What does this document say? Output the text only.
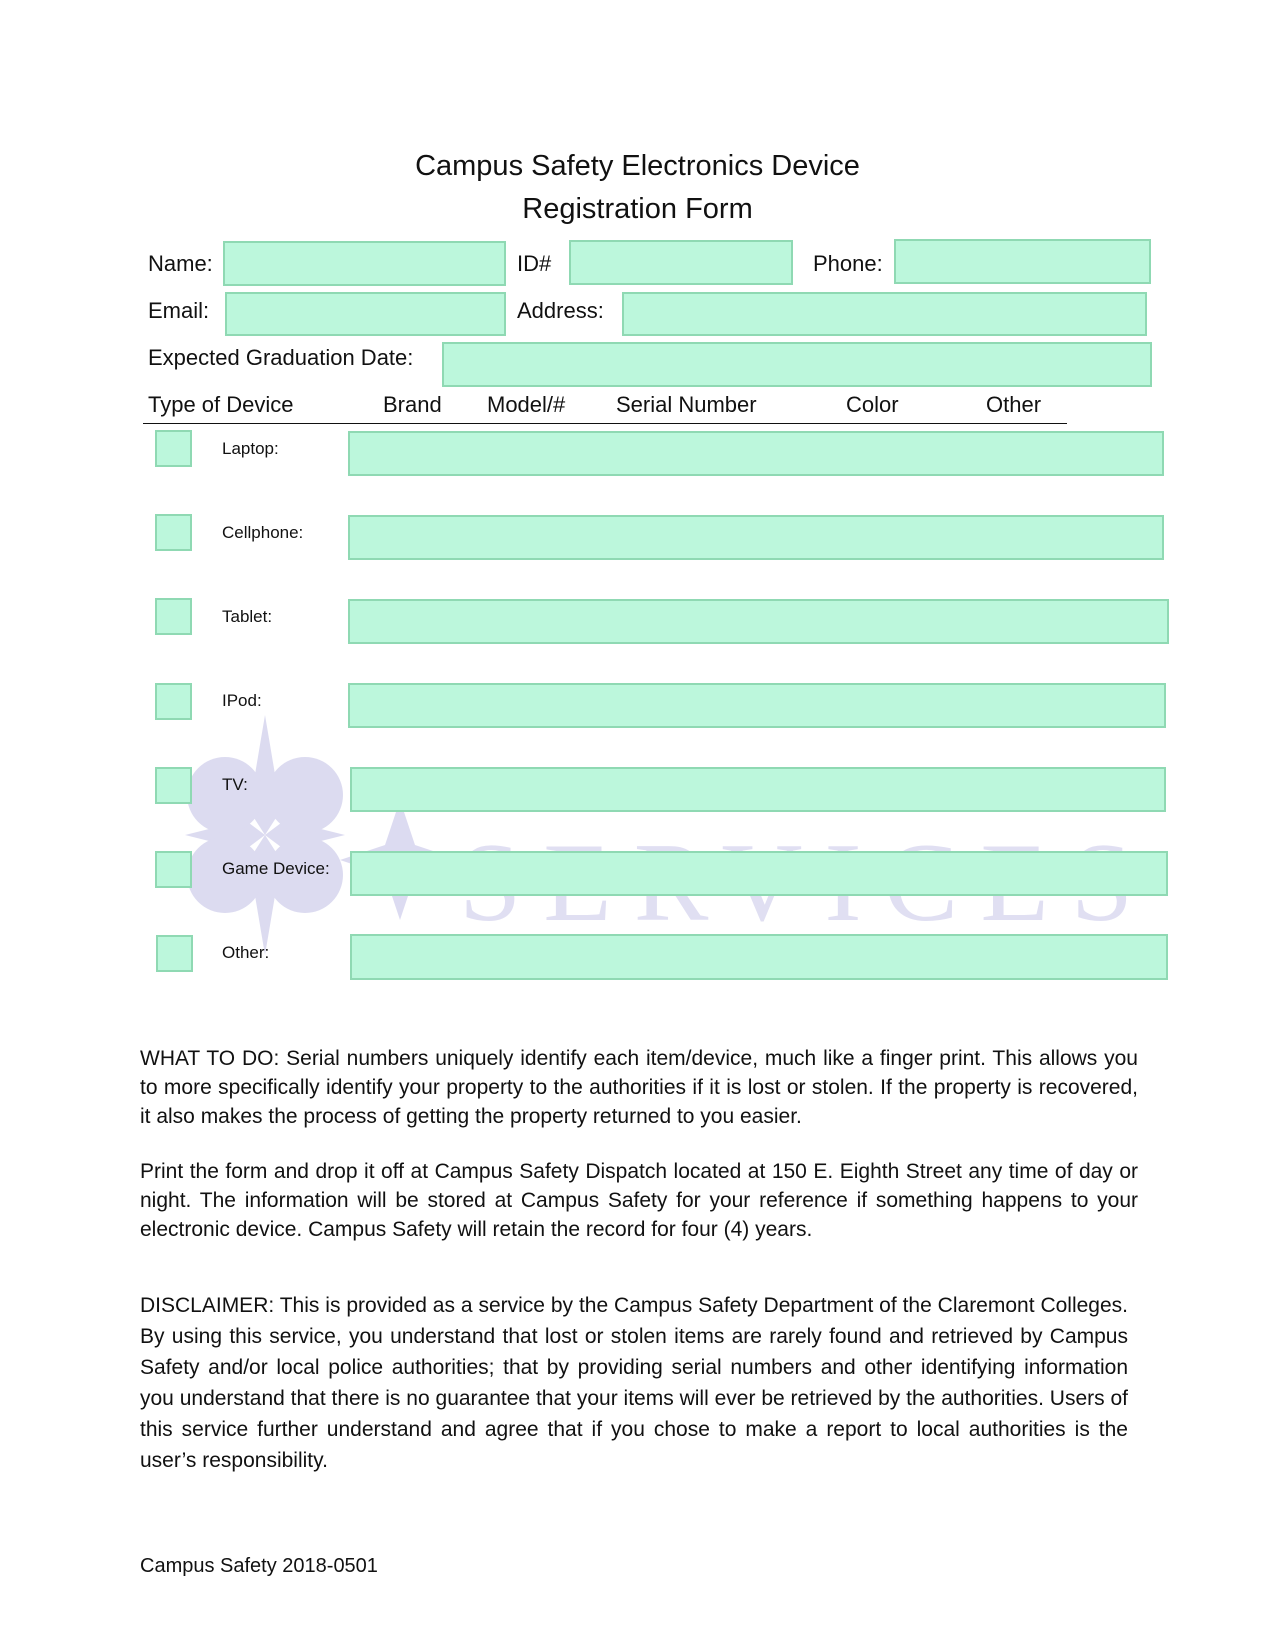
Campus Safety Electronics Device
Registration Form
Name:	ID#	Phone:
Email:	Address:
Expected Graduation Date:
Type of Device	Brand Model/# Serial Number	Color	Other
Laptop:
Cellphone:
Tablet:
IPod:
TV:
Game Device:
Other:
WHAT TO DO: Serial numbers uniquely identify each item/device, much like a finger print. This allows you to more specifically identify your property to the authorities if it is lost or stolen. If the property is recovered, it also makes the process of getting the property returned to you easier.
Print the form and drop it off at Campus Safety Dispatch located at 150 E. Eighth Street any time of day or night. The information will be stored at Campus Safety for your reference if something happens to your electronic device. Campus Safety will retain the record for four (4) years.
DISCLAIMER: This is provided as a service by the Campus Safety Department of the Claremont Colleges. By using this service, you understand that lost or stolen items are rarely found and retrieved by Campus Safety and/or local police authorities; that by providing serial numbers and other identifying information you understand that there is no guarantee that your items will ever be retrieved by the authorities. Users of this service further understand and agree that if you chose to make a report to local authorities is the user’s responsibility.
Campus Safety 2018-0501
